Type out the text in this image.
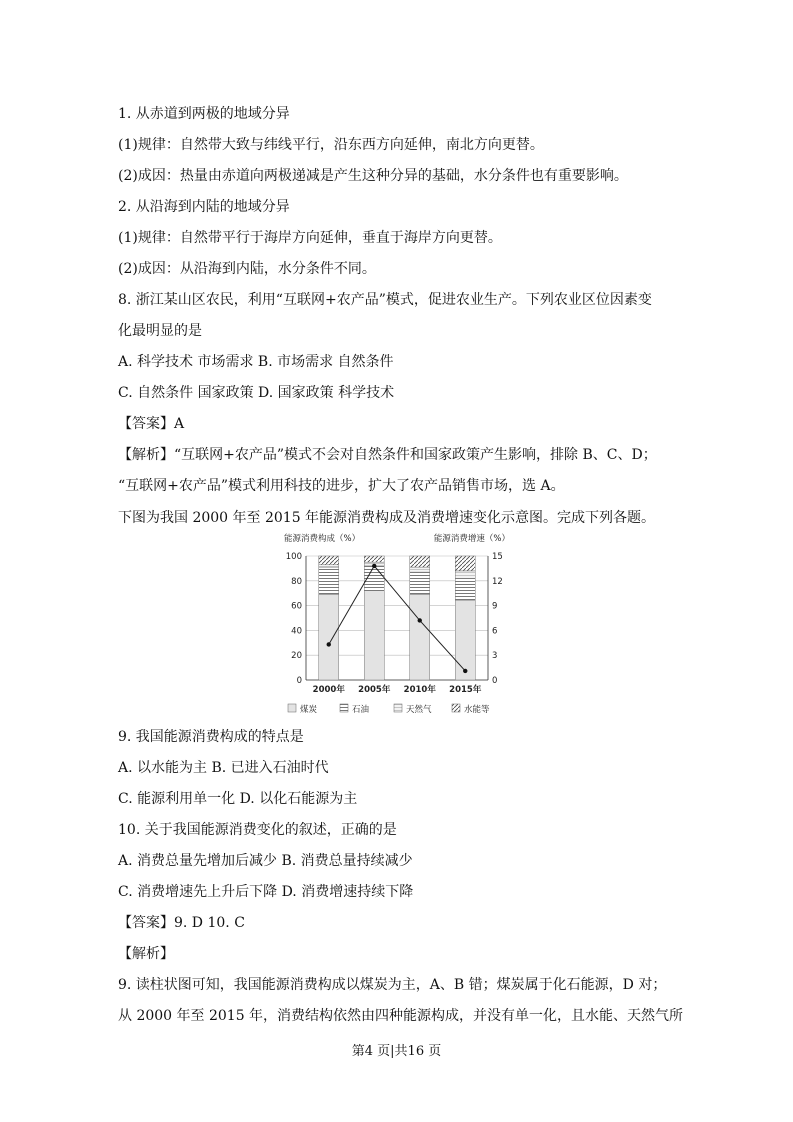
1. 从赤道到两极的地域分异
(1)规律：自然带大致与纬线平行，沿东西方向延伸，南北方向更替。
(2)成因：热量由赤道向两极递减是产生这种分异的基础，水分条件也有重要影响。
2. 从沿海到内陆的地域分异
(1)规律：自然带平行于海岸方向延伸，垂直于海岸方向更替。
(2)成因：从沿海到内陆，水分条件不同。
8. 浙江某山区农民，利用“互联网+农产品”模式，促进农业生产。下列农业区位因素变
化最明显的是
A. 科学技术 市场需求 B. 市场需求 自然条件
C. 自然条件 国家政策 D. 国家政策 科学技术
【答案】A
【解析】“互联网+农产品”模式不会对自然条件和国家政策产生影响，排除 B、C、D；
“互联网+农产品”模式利用科技的进步，扩大了农产品销售市场，选 A。
下图为我国 2000 年至 2015 年能源消费构成及消费增速变化示意图。完成下列各题。
能源消费构成（%）	能源消费增速（%）
0
20
40
60
80
100
0
3
6
9
12
15
2000年 2005年 2010年 2015年
煤炭	石油	天然气	水能等
9. 我国能源消费构成的特点是
A. 以水能为主 B. 已进入石油时代
C. 能源利用单一化 D. 以化石能源为主
10. 关于我国能源消费变化的叙述，正确的是
A. 消费总量先增加后减少 B. 消费总量持续减少
C. 消费增速先上升后下降 D. 消费增速持续下降
【答案】9. D 10. C
【解析】
9. 读柱状图可知，我国能源消费构成以煤炭为主，A、B 错；煤炭属于化石能源，D 对；
从 2000 年至 2015 年，消费结构依然由四种能源构成，并没有单一化，且水能、天然气所
第4 页|共16 页
